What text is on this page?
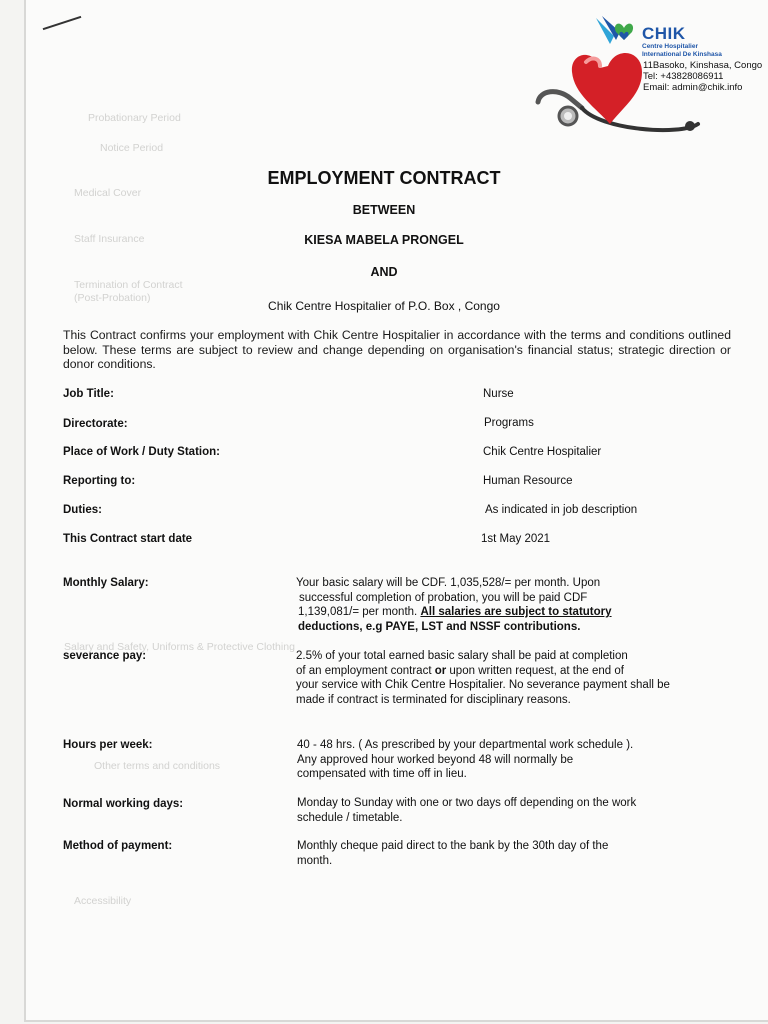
Probationary Period
Notice Period
Medical Cover
Staff Insurance
Termination of Contract
(Post-Probation)
Salary and Safety, Uniforms & Protective Clothing
Other terms and conditions
Accessibility
CHIK
Centre Hospitalier
International De Kinshasa
11Basoko, Kinshasa, Congo
Tel: +43828086911
Email: admin@chik.info
EMPLOYMENT CONTRACT
BETWEEN
KIESA MABELA PRONGEL
AND
Chik Centre Hospitalier of P.O. Box , Congo
This Contract confirms your employment with Chik Centre Hospitalier in accordance with the terms and conditions outlined below. These terms are subject to review and change depending on organisation's financial status; strategic direction or donor conditions.
Job Title:	Nurse
Directorate:	Programs
Place of Work / Duty Station:	Chik Centre Hospitalier
Reporting to:	Human Resource
Duties:	As indicated in job description
This Contract start date	1st May 2021
Monthly Salary:	Your basic salary will be CDF. 1,035,528/= per month. Upon
successful completion of probation, you will be paid CDF
1,139,081/= per month. All salaries are subject to statutory
deductions, e.g PAYE, LST and NSSF contributions.
severance pay:	2.5% of your total earned basic salary shall be paid at completion
of an employment contract or upon written request, at the end of
your service with Chik Centre Hospitalier. No severance payment shall be
made if contract is terminated for disciplinary reasons.
Hours per week:	40 - 48 hrs. ( As prescribed by your departmental work schedule ).
Any approved hour worked beyond 48 will normally be
compensated with time off in lieu.
Normal working days:	Monday to Sunday with one or two days off depending on the work
schedule / timetable.
Method of payment:	Monthly cheque paid direct to the bank by the 30th day of the
month.
